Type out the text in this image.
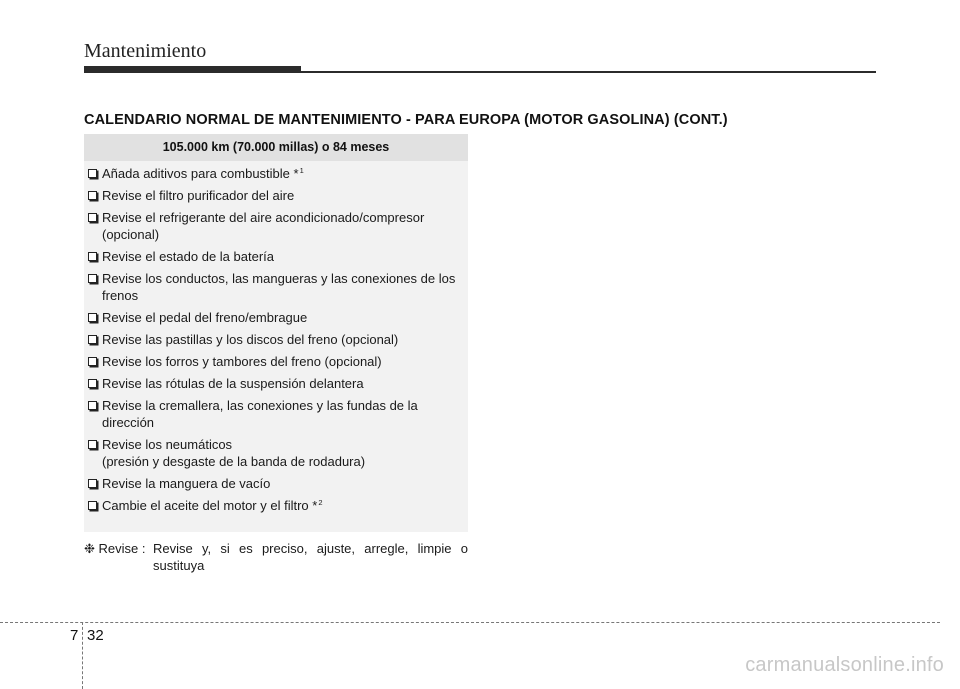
Mantenimiento
CALENDARIO NORMAL DE MANTENIMIENTO - PARA EUROPA (MOTOR GASOLINA) (CONT.)
105.000 km (70.000 millas) o 84 meses
Añada aditivos para combustible *$^1$
Revise el filtro purificador del aire
Revise el refrigerante del aire acondicionado/compresor (opcional)
Revise el estado de la batería
Revise los conductos, las mangueras y las conexiones de los frenos
Revise el pedal del freno/embrague
Revise las pastillas y los discos del freno (opcional)
Revise los forros y tambores del freno (opcional)
Revise las rótulas de la suspensión delantera
Revise la cremallera, las conexiones y las fundas de la dirección
Revise los neumáticos
(presión y desgaste de la banda de rodadura)
Revise la manguera de vacío
Cambie el aceite del motor y el filtro *$^2$
❉ Revise : Revise y, si es preciso, ajuste, arregle, limpie o sustituya
7 32
carmanualsonline.info
